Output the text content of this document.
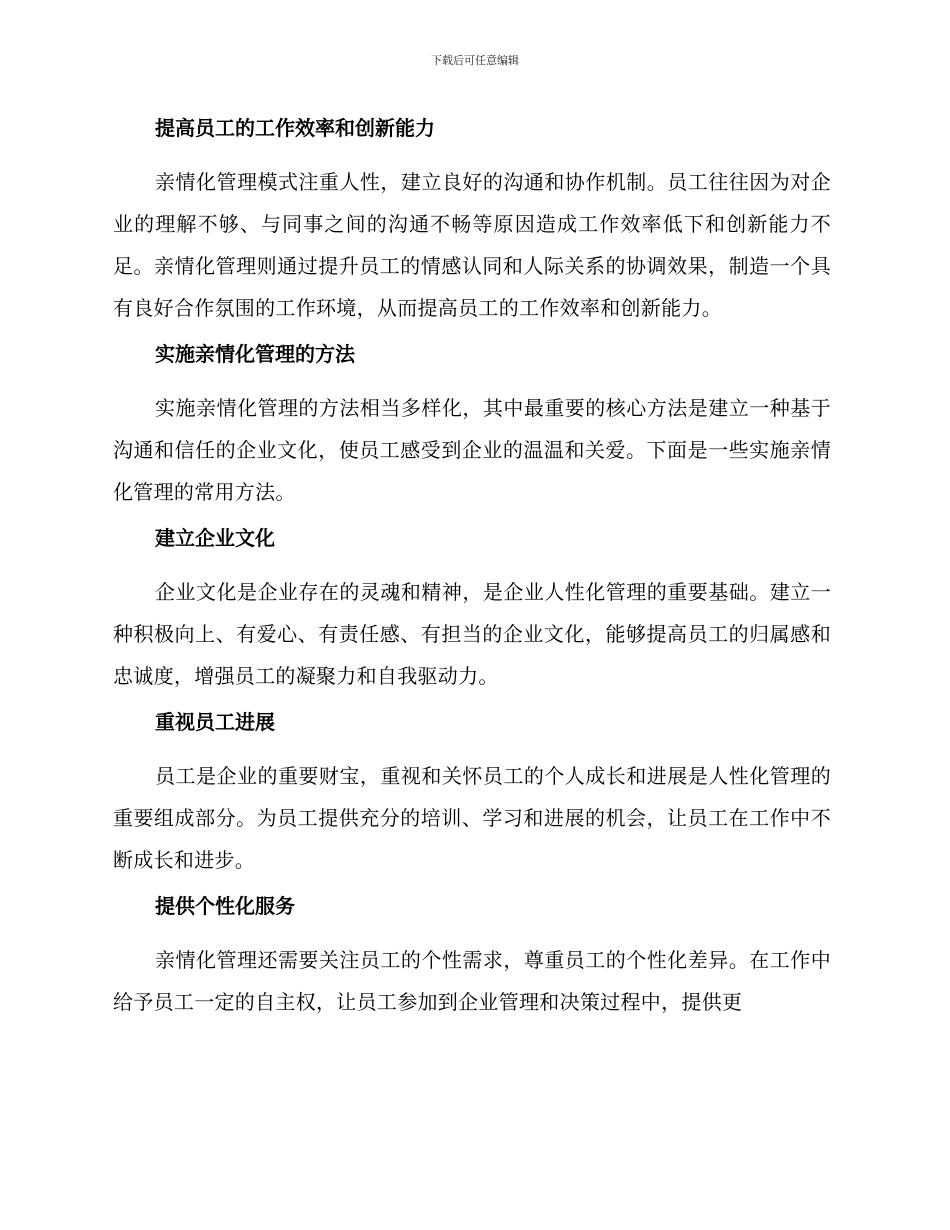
下载后可任意编辑
提高员工的工作效率和创新能力
亲情化管理模式注重人性，建立良好的沟通和协作机制。员工往往因为对企业的理解不够、与同事之间的沟通不畅等原因造成工作效率低下和创新能力不足。亲情化管理则通过提升员工的情感认同和人际关系的协调效果，制造一个具有良好合作氛围的工作环境，从而提高员工的工作效率和创新能力。
实施亲情化管理的方法
实施亲情化管理的方法相当多样化，其中最重要的核心方法是建立一种基于沟通和信任的企业文化，使员工感受到企业的温温和关爱。下面是一些实施亲情化管理的常用方法。
建立企业文化
企业文化是企业存在的灵魂和精神，是企业人性化管理的重要基础。建立一种积极向上、有爱心、有责任感、有担当的企业文化，能够提高员工的归属感和忠诚度，增强员工的凝聚力和自我驱动力。
重视员工进展
员工是企业的重要财宝，重视和关怀员工的个人成长和进展是人性化管理的重要组成部分。为员工提供充分的培训、学习和进展的机会，让员工在工作中不断成长和进步。
提供个性化服务
亲情化管理还需要关注员工的个性需求，尊重员工的个性化差异。在工作中给予员工一定的自主权，让员工参加到企业管理和决策过程中，提供更
